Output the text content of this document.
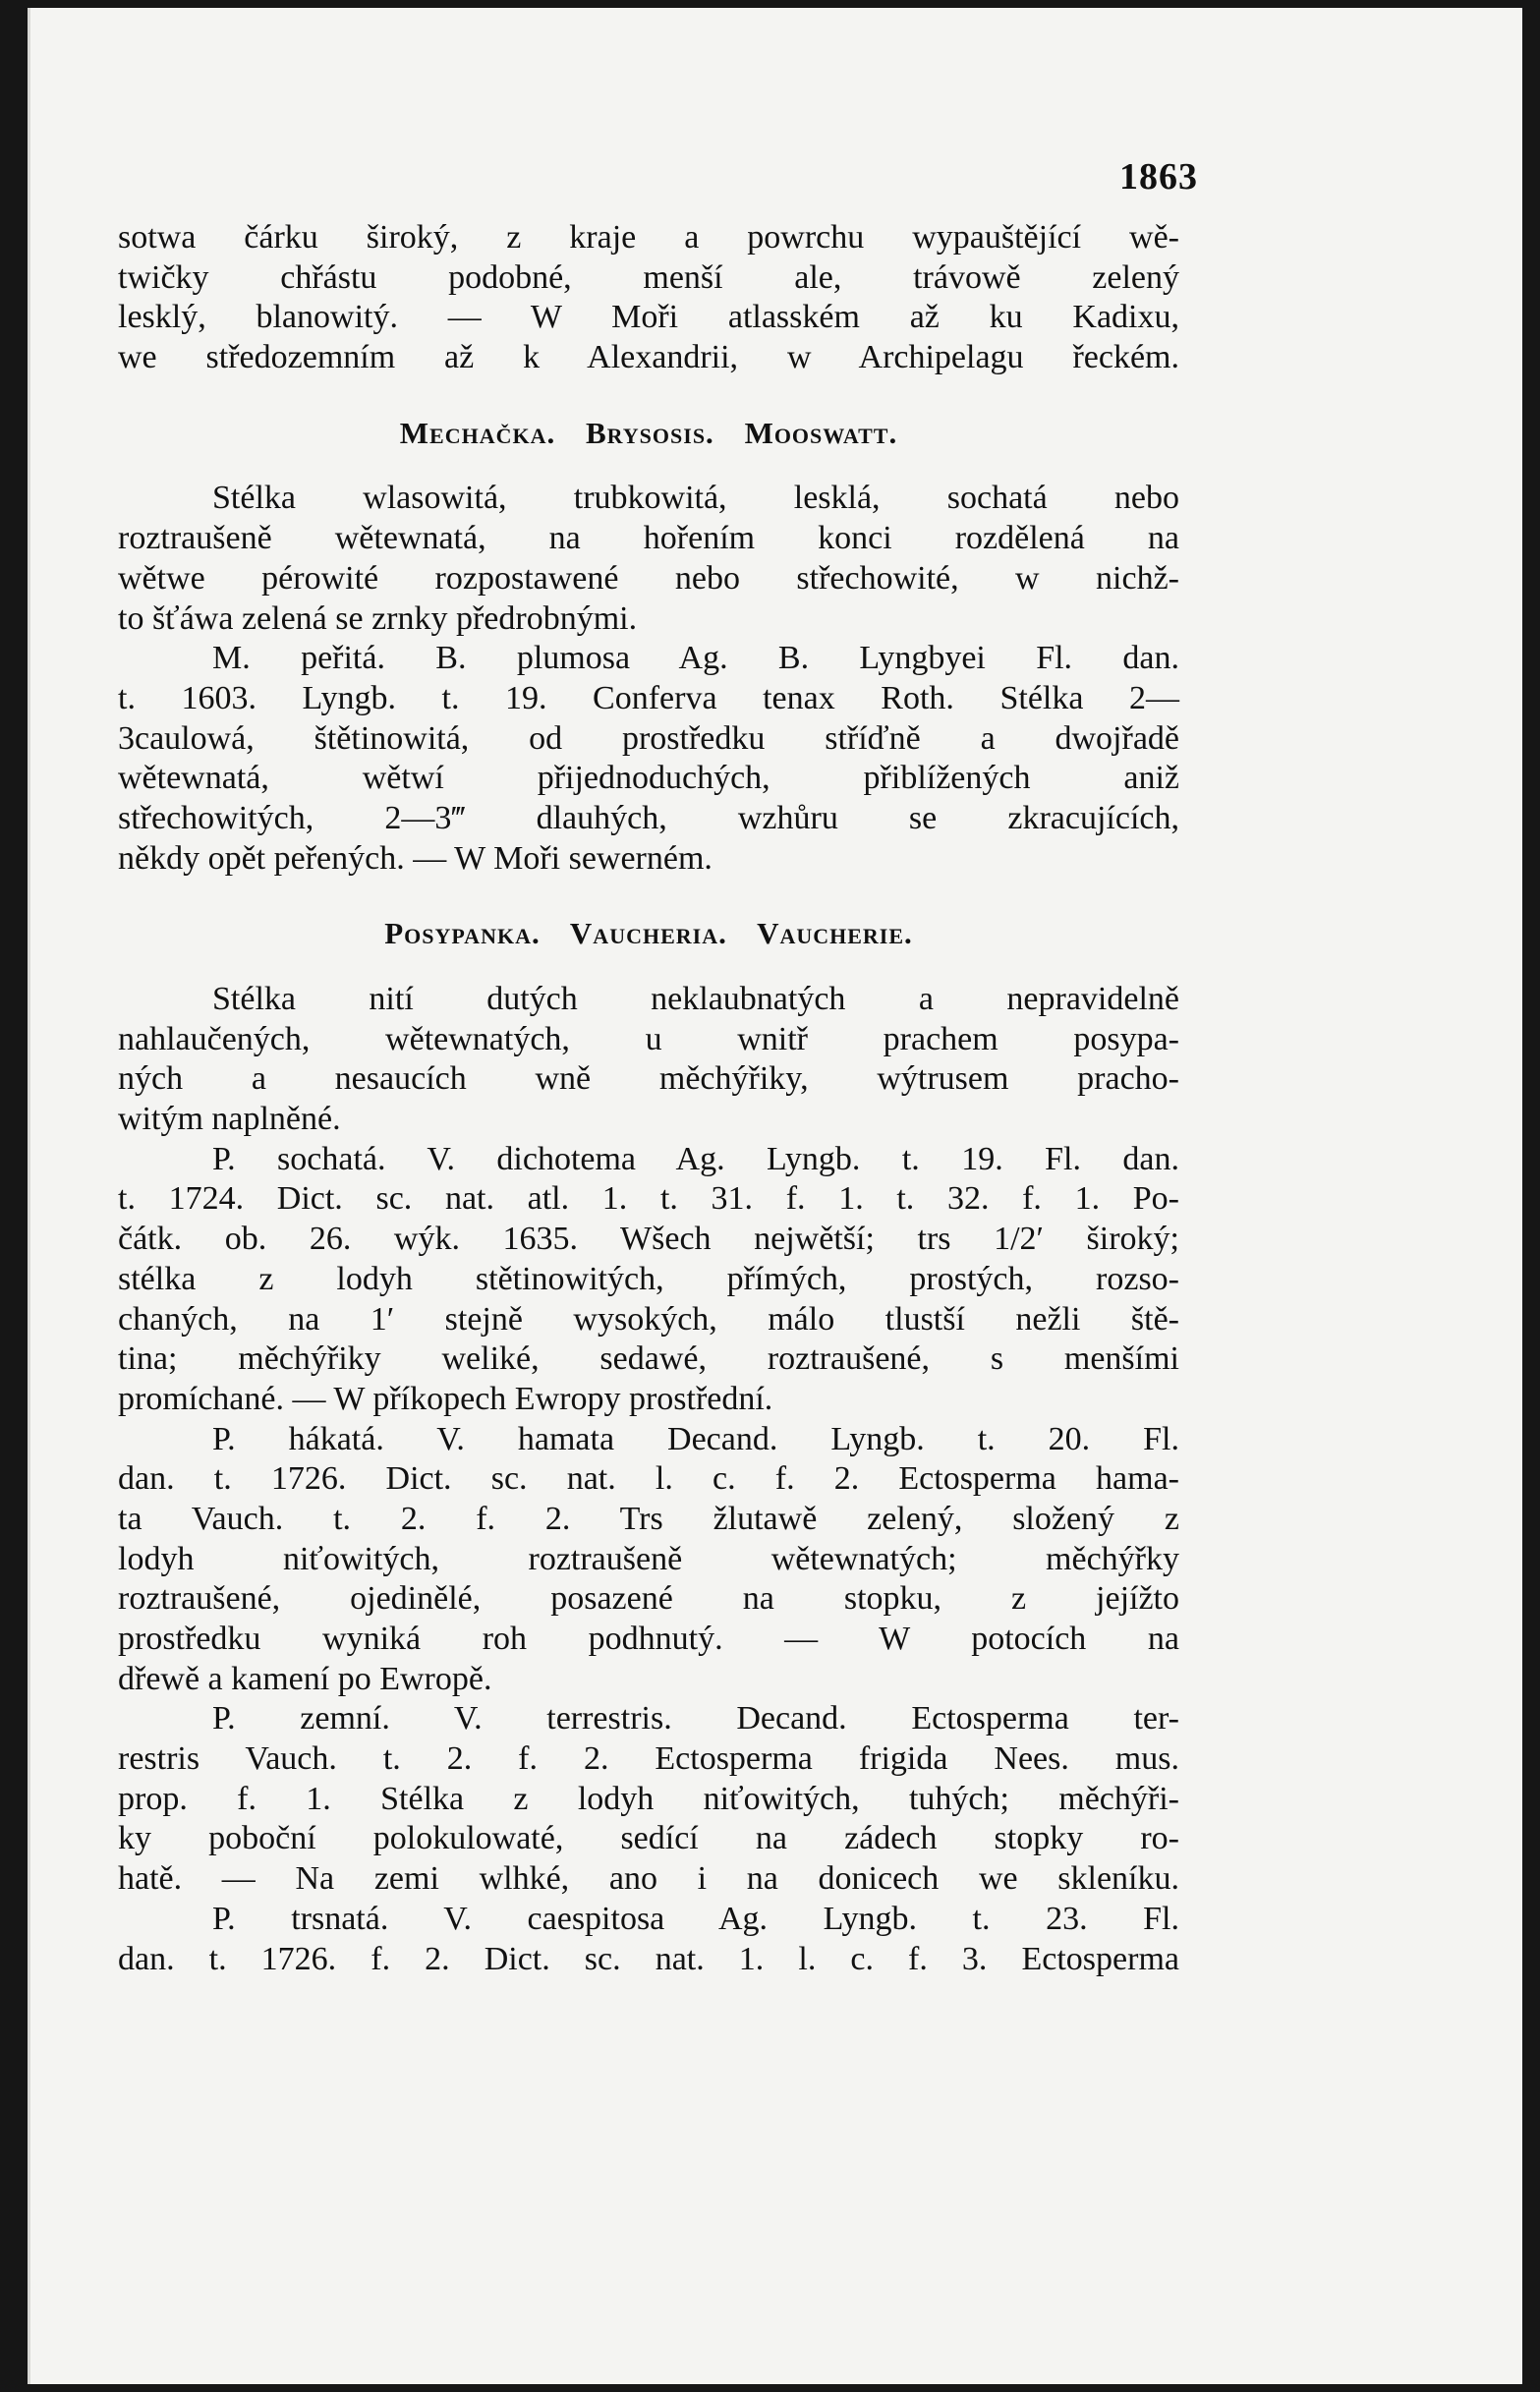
1863
sotwa čárku široký, z kraje a powrchu wypauštějící wě-
twičky chřástu podobné, menší ale, trávowě zelený
lesklý, blanowitý. — W Moři atlasském až ku Kadixu,
we středozemním až k Alexandrii, w Archipelagu řeckém.
Mechačka. Brysosis. Mooswatt.
Stélka wlasowitá, trubkowitá, lesklá, sochatá nebo
roztraušeně wětewnatá, na hořením konci rozdělená na
wětwe pérowité rozpostawené nebo střechowité, w nichž-
to šťáwa zelená se zrnky předrobnými.
M. peřitá. B. plumosa Ag. B. Lyngbyei Fl. dan.
t. 1603. Lyngb. t. 19. Conferva tenax Roth. Stélka 2—
3caulowá, štětinowitá, od prostředku stříďně a dwojřadě
wětewnatá, wětwí přijednoduchých, přiblížených aniž
střechowitých, 2—3‴ dlauhých, wzhůru se zkracujících,
někdy opět peřených. — W Moři sewerném.
Posypanka. Vaucheria. Vaucherie.
Stélka nití dutých neklaubnatých a nepravidelně
nahlaučených, wětewnatých, u wnitř prachem posypa-
ných a nesaucích wně měchýřiky, wýtrusem pracho-
witým naplněné.
P. sochatá. V. dichotema Ag. Lyngb. t. 19. Fl. dan.
t. 1724. Dict. sc. nat. atl. 1. t. 31. f. 1. t. 32. f. 1. Po-
čátk. ob. 26. wýk. 1635. Wšech nejwětší; trs 1/2′ široký;
stélka z lodyh stětinowitých, přímých, prostých, rozso-
chaných, na 1′ stejně wysokých, málo tlustší nežli ště-
tina; měchýřiky weliké, sedawé, roztraušené, s menšími
promíchané. — W příkopech Ewropy prostřední.
P. hákatá. V. hamata Decand. Lyngb. t. 20. Fl.
dan. t. 1726. Dict. sc. nat. l. c. f. 2. Ectosperma hama-
ta Vauch. t. 2. f. 2. Trs žlutawě zelený, složený z
lodyh niťowitých, roztraušeně wětewnatých; měchýřky
roztraušené, ojedinělé, posazené na stopku, z jejížto
prostředku wyniká roh podhnutý. — W potocích na
dřewě a kamení po Ewropě.
P. zemní. V. terrestris. Decand. Ectosperma ter-
restris Vauch. t. 2. f. 2. Ectosperma frigida Nees. mus.
prop. f. 1. Stélka z lodyh niťowitých, tuhých; měchýři-
ky poboční polokulowaté, sedící na zádech stopky ro-
hatě. — Na zemi wlhké, ano i na donicech we skleníku.
P. trsnatá. V. caespitosa Ag. Lyngb. t. 23. Fl.
dan. t. 1726. f. 2. Dict. sc. nat. 1. l. c. f. 3. Ectosperma
